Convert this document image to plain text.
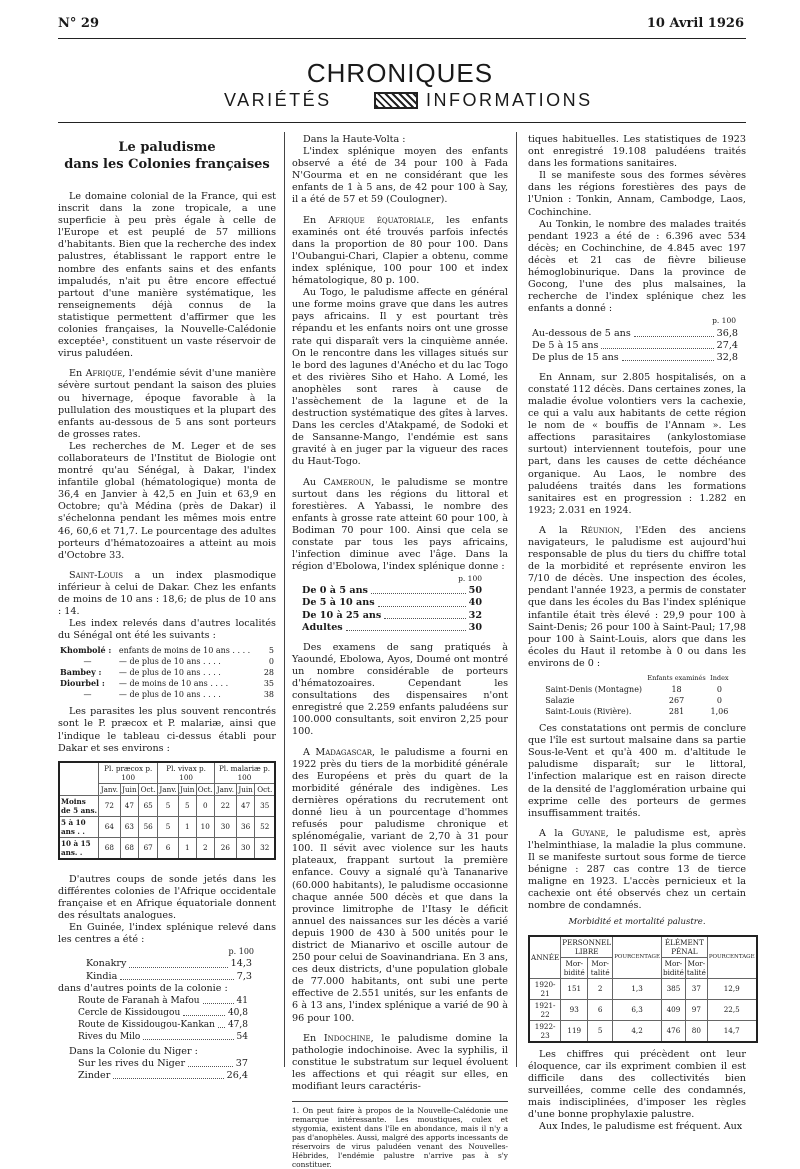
N° 29	10 Avril 1926
CHRONIQUES
VARIÉTÉS	INFORMATIONS
Le paludisme
dans les Colonies françaises

Le domaine colonial de la France, qui est inscrit dans la zone tropicale, a une superficie à peu près égale à celle de l'Europe et est peuplé de 57 millions d'habitants. Bien que la recherche des index palustres, établissant le rapport entre le nombre des enfants sains et des enfants impaludés, n'ait pu être encore effectué partout d'une manière systématique, les renseignements déjà connus de la statistique permettent d'affirmer que les colonies françaises, la Nouvelle-Calédonie exceptée¹, constituent un vaste réservoir de virus paludéen.

En Afrique, l'endémie sévit d'une manière sévère surtout pendant la saison des pluies ou hivernage, époque favorable à la pullulation des moustiques et la plupart des enfants au-dessous de 5 ans sont porteurs de grosses rates.

Les recherches de M. Leger et de ses collaborateurs de l'Institut de Biologie ont montré qu'au Sénégal, à Dakar, l'index infantile global (hématologique) monta de 36,4 en Janvier à 42,5 en Juin et 63,9 en Octobre; qu'à Médina (près de Dakar) il s'échelonna pendant les mêmes mois entre 46, 60,6 et 71,7. Le pourcentage des adultes porteurs d'hématozoaires a atteint au mois d'Octobre 33.

Saint-Louis a un index plasmodique inférieur à celui de Dakar. Chez les enfants de moins de 10 ans : 18,6; de plus de 10 ans : 14.

Les index relevés dans d'autres localités du Sénégal ont été les suivants :

Khombolé :	enfants de moins de 10 ans . . . .	5
—	— de plus de 10 ans . . . .	0
Bambey :	— de plus de 10 ans . . . .	28
Diourbel :	— de moins de 10 ans . . . .	35
—	— de plus de 10 ans . . . .	38

Les parasites les plus souvent rencontrés sont le P. præcox et P. malariæ, ainsi que l'indique le tableau ci-dessus établi pour Dakar et ses environs :

	Pl. præcox p. 100			Pl. vivax p. 100			Pl. malariæ p. 100		
	Janv.	Juin	Oct.	Janv.	Juin	Oct.	Janv.	Juin	Oct.
Moins de 5 ans.	72	47	65	5	5	0	22	47	35
5 à 10 ans . .	64	63	56	5	1	10	30	36	52
10 à 15 ans. .	68	68	67	6	1	2	26	30	32

D'autres coups de sonde jetés dans les différentes colonies de l'Afrique occidentale française et en Afrique équatoriale donnent des résultats analogues.

En Guinée, l'index splénique relevé dans les centres a été :

p. 100
Konakry	14,3
Kindia	7,3

dans d'autres points de la colonie :

Route de Faranah à Mafou	41
Cercle de Kissidougou	40,8
Route de Kissidougou-Kankan 47,8
Rives du Milo	54

Dans la Colonie du Niger :

Sur les rives du Niger	37
Zinder	26,4

Dans la Haute-Volta :

L'index splénique moyen des enfants observé a été de 34 pour 100 à Fada N'Gourma et en ne considérant que les enfants de 1 à 5 ans, de 42 pour 100 à Say, il a été de 57 et 59 (Coulogner).

En Afrique équatoriale, les enfants examinés ont été trouvés parfois infectés dans la proportion de 80 pour 100. Dans l'Oubangui-Chari, Clapier a obtenu, comme index splénique, 100 pour 100 et index hématologique, 80 p. 100.

Au Togo, le paludisme affecte en général une forme moins grave que dans les autres pays africains. Il y est pourtant très répandu et les enfants noirs ont une grosse rate qui disparaît vers la cinquième année. On le rencontre dans les villages situés sur le bord des lagunes d'Anécho et du lac Togo et des rivières Siho et Haho. A Lomé, les anophèles sont rares à cause de l'assèchement de la lagune et de la destruction systématique des gîtes à larves. Dans les cercles d'Atakpamé, de Sodoki et de Sansanne-Mango, l'endémie est sans gravité à en juger par la vigueur des races du Haut-Togo.

Au Cameroun, le paludisme se montre surtout dans les régions du littoral et forestières. A Yabassi, le nombre des enfants à grosse rate atteint 60 pour 100, à Bodiman 70 pour 100. Ainsi que cela se constate par tous les pays africains, l'infection diminue avec l'âge. Dans la région d'Ebolowa, l'index splénique donne :

p. 100
De 0 à 5 ans	50
De 5 à 10 ans	40
De 10 à 25 ans	32
Adultes	30

Des examens de sang pratiqués à Yaoundé, Ebolowa, Ayos, Doumé ont montré un nombre considérable de porteurs d'hématozoaires. Cependant les consultations des dispensaires n'ont enregistré que 2.259 enfants paludéens sur 100.000 consultants, soit environ 2,25 pour 100.

A Madagascar, le paludisme a fourni en 1922 près du tiers de la morbidité générale des Européens et près du quart de la morbidité générale des indigènes. Les dernières opérations du recrutement ont donné lieu à un pourcentage d'hommes refusés pour paludisme chronique et splénomégalie, variant de 2,70 à 31 pour 100. Il sévit avec violence sur les hauts plateaux, frappant surtout la première enfance. Couvy a signalé qu'à Tananarive (60.000 habitants), le paludisme occasionne chaque année 500 décès et que dans la province limitrophe de l'Itasy le déficit annuel des naissances sur les décès a varié depuis 1900 de 430 à 500 unités pour le district de Mianarivo et oscille autour de 250 pour celui de Soavinandriana. En 3 ans, ces deux districts, d'une population globale de 77.000 habitants, ont subi une perte effective de 2.551 unités, sur les enfants de 6 à 13 ans, l'index splénique a varié de 90 à 96 pour 100.

En Indochine, le paludisme domine la pathologie indochinoise. Avec la syphilis, il constitue le substratum sur lequel évoluent les affections et qui réagit sur elles, en modifiant leurs caractéris-

1. On peut faire à propos de la Nouvelle-Calédonie une remarque intéressante. Les moustiques, culex et stygomia, existent dans l'île en abondance, mais il n'y a pas d'anophèles. Aussi, malgré des apports incessants de réservoirs de virus paludéen venant des Nouvelles-Hébrides, l'endémie palustre n'arrive pas à s'y constituer.

tiques habituelles. Les statistiques de 1923 ont enregistré 19.108 paludéens traités dans les formations sanitaires.

Il se manifeste sous des formes sévères dans les régions forestières des pays de l'Union : Tonkin, Annam, Cambodge, Laos, Cochinchine.

Au Tonkin, le nombre des malades traités pendant 1923 a été de : 6.396 avec 534 décès; en Cochinchine, de 4.845 avec 197 décès et 21 cas de fièvre bilieuse hémoglobinurique. Dans la province de Gocong, l'une des plus malsaines, la recherche de l'index splénique chez les enfants a donné :

p. 100
Au-dessous de 5 ans	36,8
De 5 à 15 ans	27,4
De plus de 15 ans	32,8

En Annam, sur 2.805 hospitalisés, on a constaté 112 décès. Dans certaines zones, la maladie évolue volontiers vers la cachexie, ce qui a valu aux habitants de cette région le nom de « bouffis de l'Annam ». Les affections parasitaires (ankylostomiase surtout) interviennent toutefois, pour une part, dans les causes de cette déchéance organique. Au Laos, le nombre des paludéens traités dans les formations sanitaires est en progression : 1.282 en 1923; 2.031 en 1924.

A la Réunion, l'Eden des anciens navigateurs, le paludisme est aujourd'hui responsable de plus du tiers du chiffre total de la morbidité et représente environ les 7/10 de décès. Une inspection des écoles, pendant l'année 1923, a permis de constater que dans les écoles du Bas l'index splénique infantile était très élevé : 29,9 pour 100 à Saint-Denis; 26 pour 100 à Saint-Paul; 17,98 pour 100 à Saint-Louis, alors que dans les écoles du Haut il retombe à 0 ou dans les environs de 0 :

	Enfants examinés	Index
Saint-Denis (Montagne)	18	0
Salazie	267	0
Saint-Louis (Rivière).	281	1,06

Ces constatations ont permis de conclure que l'île est surtout malsaine dans sa partie Sous-le-Vent et qu'à 400 m. d'altitude le paludisme disparaît; sur le littoral, l'infection malarique est en raison directe de la densité de l'agglomération urbaine qui exprime celle des porteurs de germes insuffisamment traités.

A la Guyane, le paludisme est, après l'helminthiase, la maladie la plus commune. Il se manifeste surtout sous forme de tierce bénigne : 287 cas contre 13 de tierce maligne en 1923. L'accès pernicieux et la cachexie ont été observés chez un certain nombre de condamnés.

Morbidité et mortalité palustre.
ANNÉE	PERSONNEL LIBRE		POURCENTAGE	ÉLÉMENT PÉNAL		POURCENTAGE
	Mor-bidité	Mor-talité		Mor-bidité	Mor-talité	
1920-21	151	2	1,3	385	37	12,9
1921-22	93	6	6,3	409	97	22,5
1922-23	119	5	4,2	476	80	14,7

Les chiffres qui précèdent ont leur éloquence, car ils expriment combien il est difficile dans des collectivités bien surveillées, comme celle des condamnés, mais indisciplinées, d'imposer les règles d'une bonne prophylaxie palustre.

Aux Indes, le paludisme est fréquent. Aux
